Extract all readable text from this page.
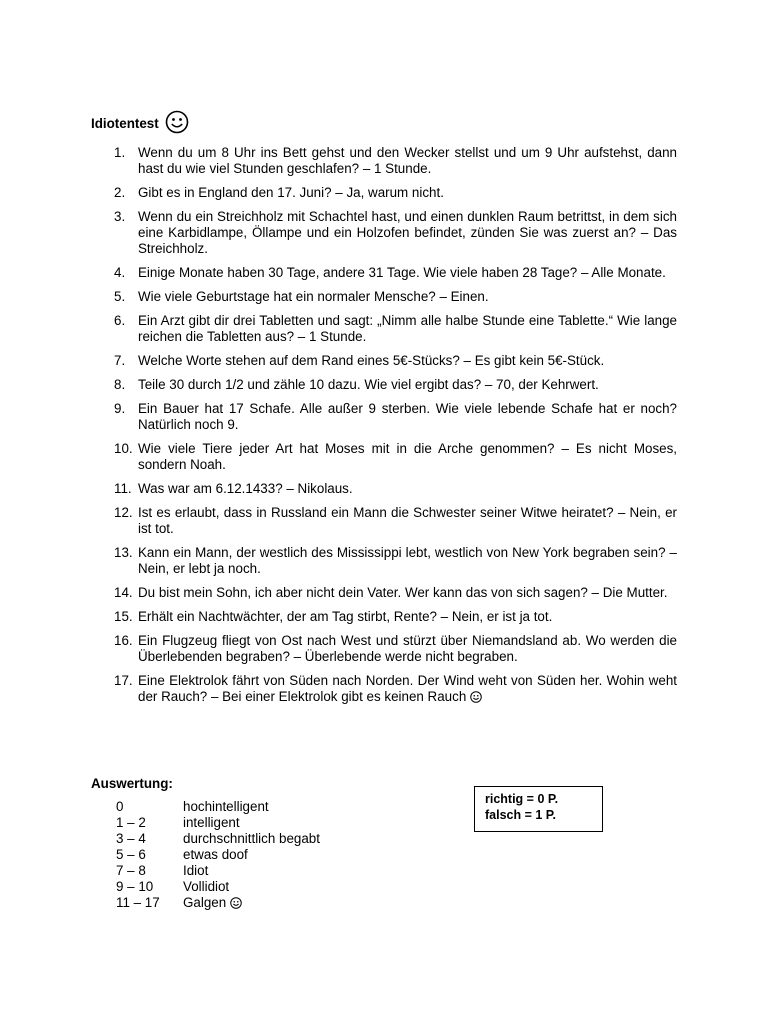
Idiotentest
1. Wenn du um 8 Uhr ins Bett gehst und den Wecker stellst und um 9 Uhr aufstehst, dann hast du wie viel Stunden geschlafen? – 1 Stunde.
2. Gibt es in England den 17. Juni? – Ja, warum nicht.
3. Wenn du ein Streichholz mit Schachtel hast, und einen dunklen Raum betrittst, in dem sich eine Karbidlampe, Öllampe und ein Holzofen befindet, zünden Sie was zuerst an? – Das Streichholz.
4. Einige Monate haben 30 Tage, andere 31 Tage. Wie viele haben 28 Tage? – Alle Monate.
5. Wie viele Geburtstage hat ein normaler Mensche? – Einen.
6. Ein Arzt gibt dir drei Tabletten und sagt: „Nimm alle halbe Stunde eine Tablette.“ Wie lange reichen die Tabletten aus? – 1 Stunde.
7. Welche Worte stehen auf dem Rand eines 5€-Stücks? – Es gibt kein 5€-Stück.
8. Teile 30 durch 1/2 und zähle 10 dazu. Wie viel ergibt das? – 70, der Kehrwert.
9. Ein Bauer hat 17 Schafe. Alle außer 9 sterben. Wie viele lebende Schafe hat er noch? Natürlich noch 9.
10. Wie viele Tiere jeder Art hat Moses mit in die Arche genommen? – Es nicht Moses, sondern Noah.
11. Was war am 6.12.1433? – Nikolaus.
12. Ist es erlaubt, dass in Russland ein Mann die Schwester seiner Witwe heiratet? – Nein, er ist tot.
13. Kann ein Mann, der westlich des Mississippi lebt, westlich von New York begraben sein? – Nein, er lebt ja noch.
14. Du bist mein Sohn, ich aber nicht dein Vater. Wer kann das von sich sagen? – Die Mutter.
15. Erhält ein Nachtwächter, der am Tag stirbt, Rente? – Nein, er ist ja tot.
16. Ein Flugzeug fliegt von Ost nach West und stürzt über Niemandsland ab. Wo werden die Überlebenden begraben? – Überlebende werde nicht begraben.
17. Eine Elektrolok fährt von Süden nach Norden. Der Wind weht von Süden her. Wohin weht der Rauch? – Bei einer Elektrolok gibt es keinen Rauch
Auswertung:
0	hochintelligent
1 – 2	intelligent
3 – 4	durchschnittlich begabt
5 – 6	etwas doof
7 – 8	Idiot
9 – 10	Vollidiot
11 – 17	Galgen
richtig = 0 P.
falsch = 1 P.
